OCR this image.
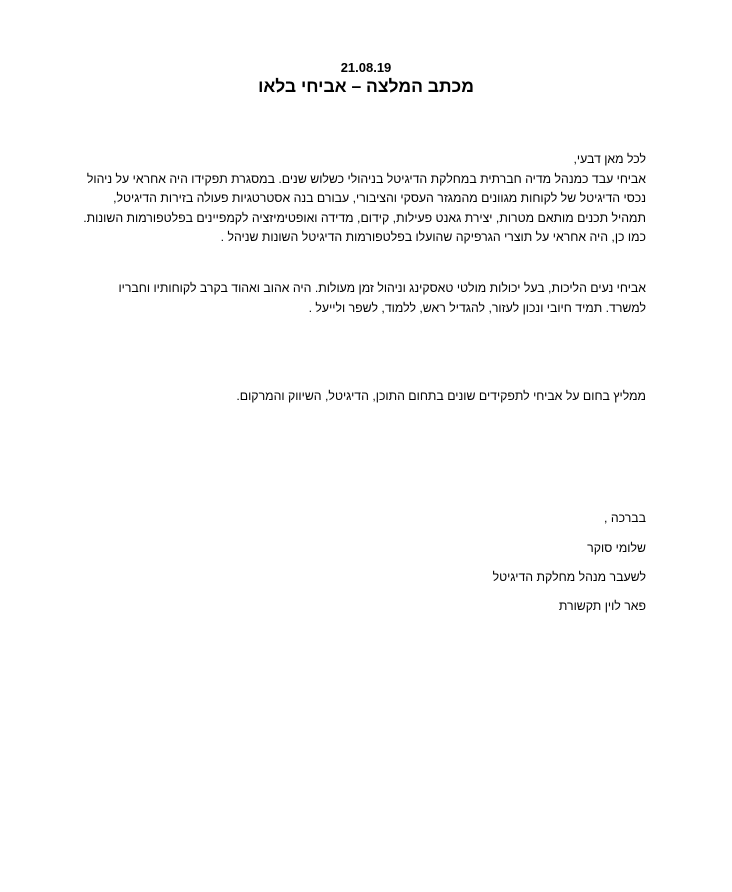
21.08.19
מכתב המלצה – אביחי בלאו
לכל מאן דבעי,
אביחי עבד כמנהל מדיה חברתית במחלקת הדיגיטל בניהולי כשלוש שנים. במסגרת תפקידו היה אחראי על ניהול
נכסי הדיגיטל של לקוחות מגוונים מהמגזר העסקי והציבורי, עבורם בנה אסטרטגיות פעולה בזירות הדיגיטל,
תמהיל תכנים מותאם מטרות, יצירת גאנט פעילות, קידום, מדידה ואופטימיזציה לקמפיינים בפלטפורמות השונות.
כמו כן, היה אחראי על תוצרי הגרפיקה שהועלו בפלטפורמות הדיגיטל השונות שניהל .
אביחי נעים הליכות, בעל יכולות מולטי טאסקינג וניהול זמן מעולות. היה אהוב ואהוד בקרב לקוחותיו וחבריו
למשרד. תמיד חיובי ונכון לעזור, להגדיל ראש, ללמוד, לשפר ולייעל .
ממליץ בחום על אביחי לתפקידים שונים בתחום התוכן, הדיגיטל, השיווק והמרקום.
בברכה ,
שלומי סוקר
לשעבר מנהל מחלקת הדיגיטל
פאר לוין תקשורת
